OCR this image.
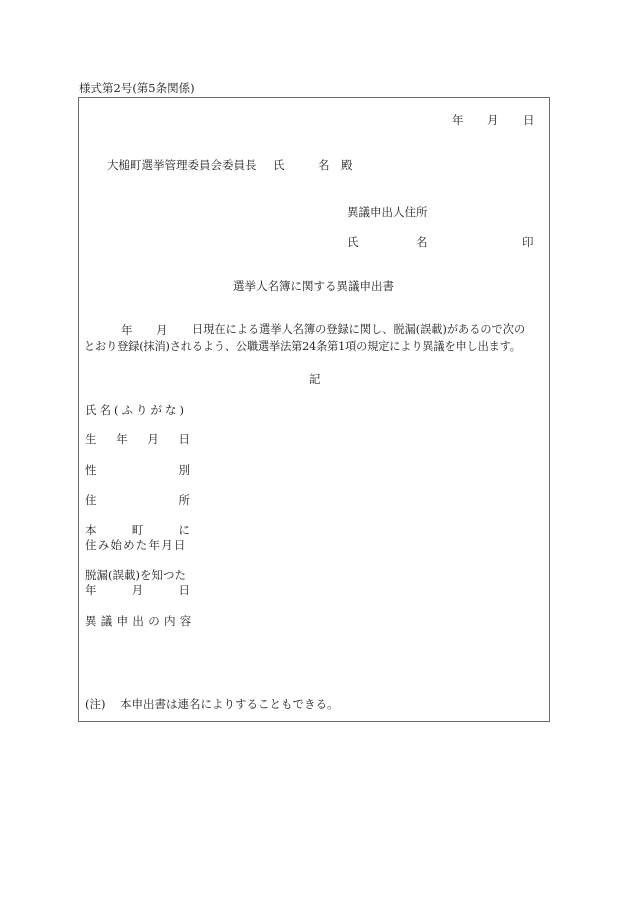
様式第2号(第5条関係)
年 月 日
大槌町選挙管理委員会委員長 氏	名 殿
異議申出人住所
氏	名	印
選挙人名簿に関する異議申出書
年 月 日現在による選挙人名簿の登録に関し、脱漏(誤載)があるので次の
とおり登録(抹消)されるよう、公職選挙法第24条第1項の規定により異議を申し出ます。
記
氏名(ふりがな)
生 年 月 日
性	別
住	所
本	町	に
住み始めた年月日
脱漏(誤載)を知つた
年	月	日
異議申出の内容
(注) 本申出書は連名によりすることもできる。
